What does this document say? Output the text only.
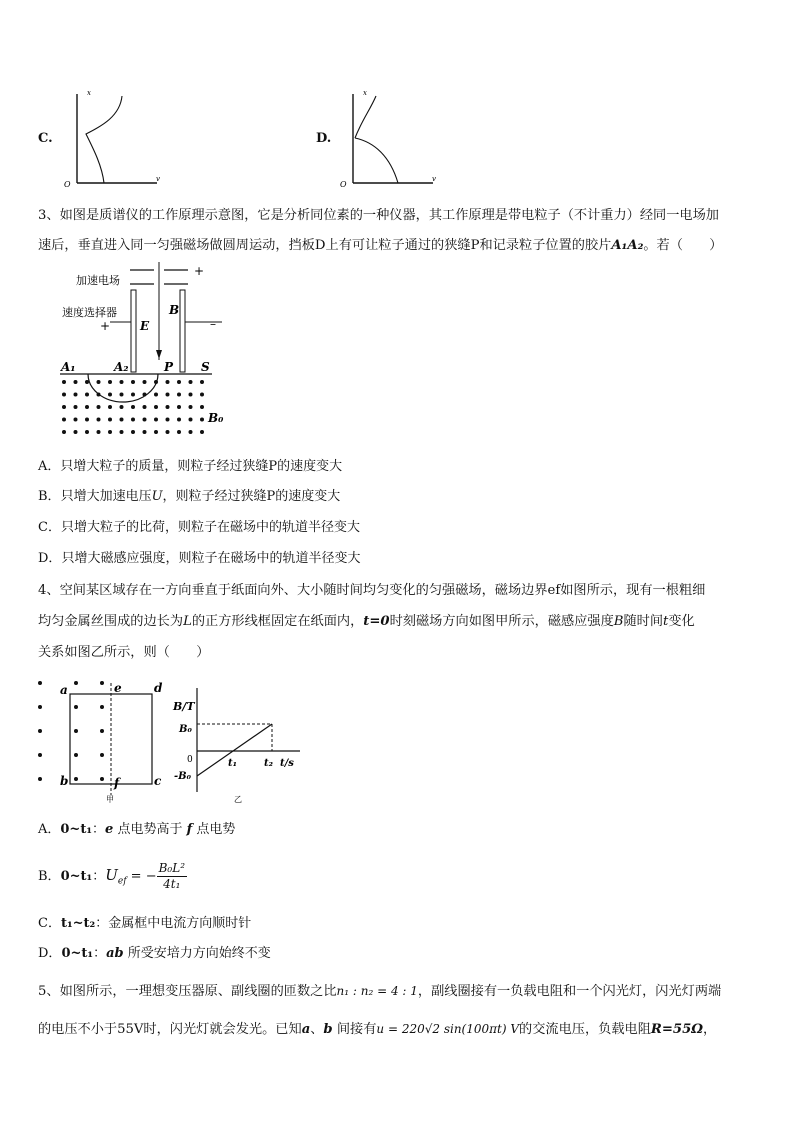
C.
x
v
O
D.
x
v
O
3、如图是质谱仪的工作原理示意图，它是分析同位素的一种仪器，其工作原理是带电粒子（不计重力）经同一电场加
速后，垂直进入同一匀强磁场做圆周运动，挡板D上有可让粒子通过的狭缝P和记录粒子位置的胶片A₁A₂。若（　　）
加速电场
+
速度选择器
+	–
E
B
A₁	A₂	P S
B₀
A．只增大粒子的质量，则粒子经过狭缝P的速度变大
B．只增大加速电压U，则粒子经过狭缝P的速度变大
C．只增大粒子的比荷，则粒子在磁场中的轨道半径变大
D．只增大磁感应强度，则粒子在磁场中的轨道半径变大
4、空间某区域存在一方向垂直于纸面向外、大小随时间均匀变化的匀强磁场，磁场边界ef如图所示，现有一根粗细
均匀金属丝围成的边长为L的正方形线框固定在纸面内，t=0时刻磁场方向如图甲所示，磁感应强度B随时间t变化
关系如图乙所示，则（　　）
a	e	d
b	f	c
甲
B/T
B₀
0
-B₀
t₁	t₂ t/s
乙
A．0~t₁：e 点电势高于 f 点电势
B．0~t₁：$U_{ef}$ = − $\frac{\text{B₀L²}}{\text{4t₁}}$
C．t₁~t₂：金属框中电流方向顺时针
D．0~t₁：ab 所受安培力方向始终不变
5、如图所示，一理想变压器原、副线圈的匝数之比n₁ : n₂ = 4 : 1，副线圈接有一负载电阻和一个闪光灯，闪光灯两端
的电压不小于55V时，闪光灯就会发光。已知a、b 间接有u = 220√2 sin(100πt) V的交流电压，负载电阻R=55Ω，
